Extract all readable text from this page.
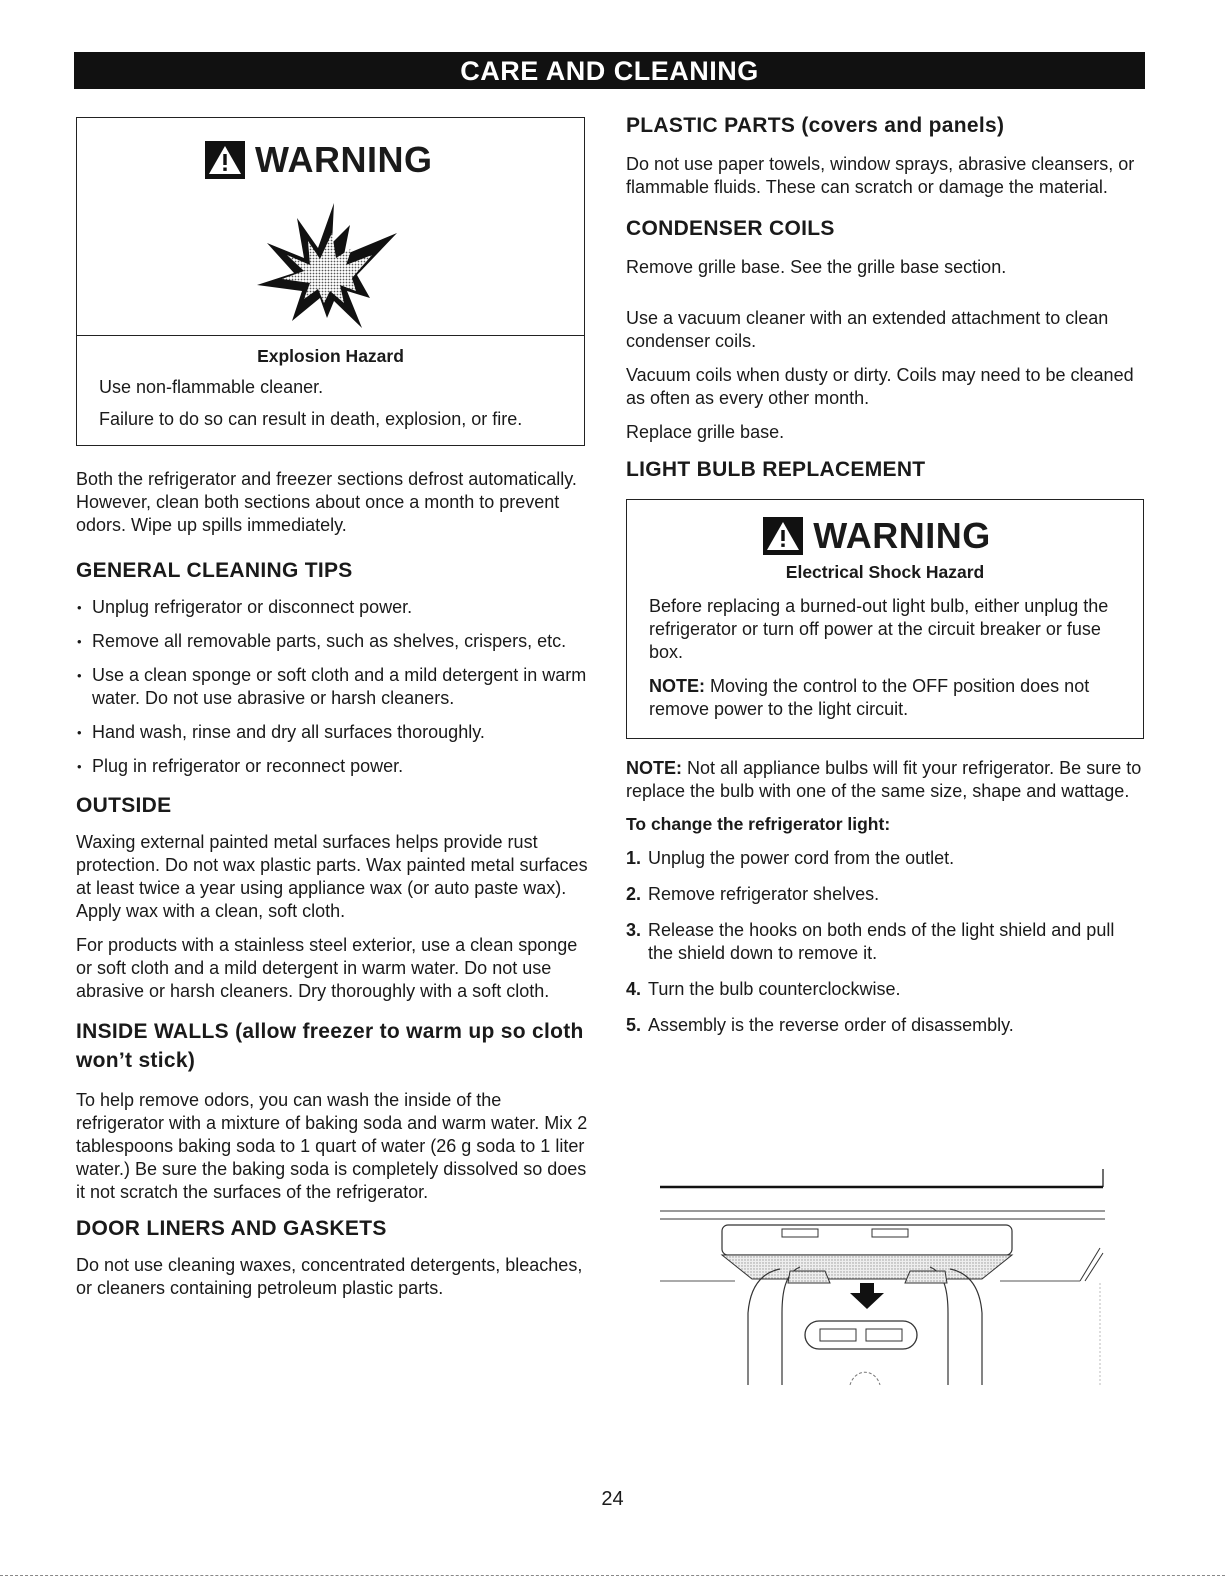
CARE AND CLEANING
WARNING
Explosion Hazard

Use non-flammable cleaner.

Failure to do so can result in death, explosion, or fire.

Both the refrigerator and freezer sections defrost automatically. However, clean both sections about once a month to prevent odors. Wipe up spills immediately.

GENERAL CLEANING TIPS
• Unplug refrigerator or disconnect power.
• Remove all removable parts, such as shelves, crispers, etc.
• Use a clean sponge or soft cloth and a mild detergent in warm water. Do not use abrasive or harsh cleaners.
• Hand wash, rinse and dry all surfaces thoroughly.
• Plug in refrigerator or reconnect power.
OUTSIDE

Waxing external painted metal surfaces helps provide rust protection. Do not wax plastic parts. Wax painted metal surfaces at least twice a year using appliance wax (or auto paste wax). Apply wax with a clean, soft cloth.

For products with a stainless steel exterior, use a clean sponge or soft cloth and a mild detergent in warm water. Do not use abrasive or harsh cleaners. Dry thoroughly with a soft cloth.

INSIDE WALLS (allow freezer to warm up so cloth won’t stick)

To help remove odors, you can wash the inside of the refrigerator with a mixture of baking soda and warm water. Mix 2 tablespoons baking soda to 1 quart of water (26 g soda to 1 liter water.) Be sure the baking soda is completely dissolved so does it not scratch the surfaces of the refrigerator.

DOOR LINERS AND GASKETS

Do not use cleaning waxes, concentrated detergents, bleaches, or cleaners containing petroleum plastic parts.

PLASTIC PARTS (covers and panels)

Do not use paper towels, window sprays, abrasive cleansers, or flammable fluids. These can scratch or damage the material.

CONDENSER COILS

Remove grille base. See the grille base section.

Use a vacuum cleaner with an extended attachment to clean condenser coils.

Vacuum coils when dusty or dirty. Coils may need to be cleaned as often as every other month.

Replace grille base.

LIGHT BULB REPLACEMENT
WARNING
Electrical Shock Hazard

Before replacing a burned-out light bulb, either unplug the refrigerator or turn off power at the circuit breaker or fuse box.

NOTE: Moving the control to the OFF position does not remove power to the light circuit.

NOTE: Not all appliance bulbs will fit your refrigerator. Be sure to replace the bulb with one of the same size, shape and wattage.

To change the refrigerator light:
1. Unplug the power cord from the outlet.
2. Remove refrigerator shelves.
3. Release the hooks on both ends of the light shield and pull the shield down to remove it.
4. Turn the bulb counterclockwise.
5. Assembly is the reverse order of disassembly.
24
